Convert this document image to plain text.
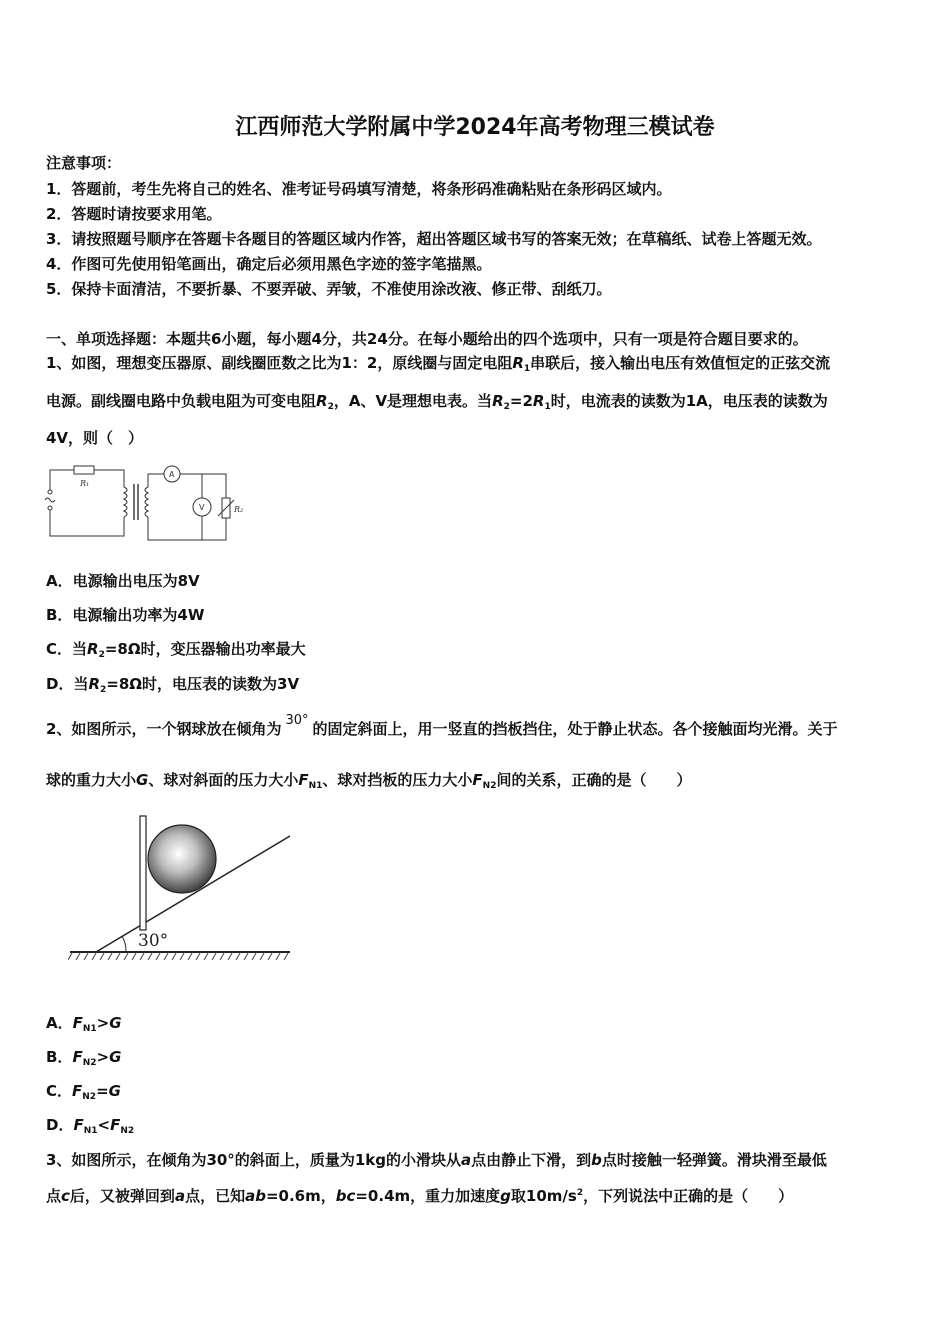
江西师范大学附属中学2024年高考物理三模试卷
注意事项：
1．答题前，考生先将自己的姓名、准考证号码填写清楚，将条形码准确粘贴在条形码区域内。
2．答题时请按要求用笔。
3．请按照题号顺序在答题卡各题目的答题区域内作答，超出答题区域书写的答案无效；在草稿纸、试卷上答题无效。
4．作图可先使用铅笔画出，确定后必须用黑色字迹的签字笔描黑。
5．保持卡面清洁，不要折暴、不要弄破、弄皱，不准使用涂改液、修正带、刮纸刀。
一、单项选择题：本题共6小题，每小题4分，共24分。在每小题给出的四个选项中，只有一项是符合题目要求的。
1、如图，理想变压器原、副线圈匝数之比为1：2，原线圈与固定电阻$R_1$串联后，接入输出电压有效值恒定的正弦交流
电源。副线圈电路中负载电阻为可变电阻$R_2$，A、V是理想电表。当$R_2=2R_1$时，电流表的读数为1A，电压表的读数为
4V，则（　）
R₁
A
V	R₂
A．电源输出电压为8V
B．电源输出功率为4W
C．当$R_2=8\Omega$时，变压器输出功率最大
D．当$R_2=8\Omega$时，电压表的读数为3V
2、如图所示，一个钢球放在倾角为 30° 的固定斜面上，用一竖直的挡板挡住，处于静止状态。各个接触面均光滑。关于
球的重力大小G、球对斜面的压力大小$F_{N1}$、球对挡板的压力大小$F_{N2}$间的关系，正确的是（　　）
30°
A．$F_{N1}>G$
B．$F_{N2}>G$
C．$F_{N2}=G$
D．$F_{N1}<F_{N2}$
3、如图所示，在倾角为30°的斜面上，质量为1kg的小滑块从a点由静止下滑，到b点时接触一轻弹簧。滑块滑至最低
点c后，又被弹回到a点，已知ab=0.6m，bc=0.4m，重力加速度g取$10m/s^2$，下列说法中正确的是（　　）
